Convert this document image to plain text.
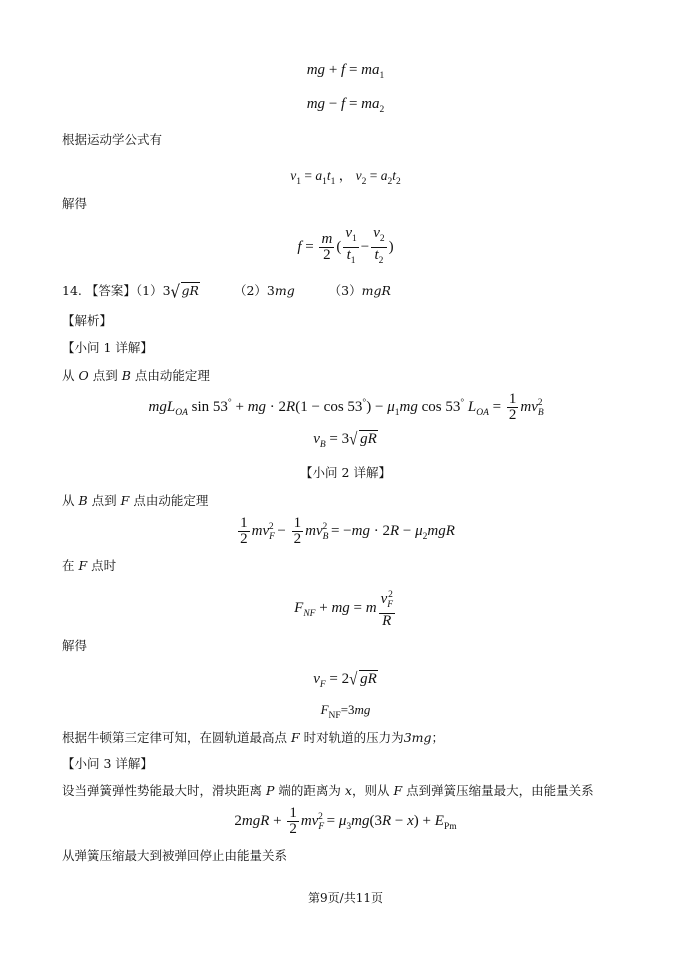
mg + $f = ma_1$
mg − $f = ma_2$
根据运动学公式有
$v_1 = a_1t_1$ ， $v_2 = a_2t_2$
解得
$f = \frac{m}{2}$ ( $\frac{v_1}{t_1} - \frac{v_2}{t_2}$ )
14. 【答案】（1）3 √ gR	（2）3mg	（3）mgR
【解析】
【小问 1 详解】
从 O 点到 B 点由动能定理
mgL$_{OA}$ sin 53° + mg · $2R(1 - \cos 53^\circ) - \mu_1mg$ cos 53° $L_{OA} = \frac{1}{2} mv_B^2$
$v_B = 3$ √ gR
【小问 2 详解】
从 B 点到 F 点由动能定理
$\frac{1}{2} mv_F^2 - \frac{1}{2} mv_B^2 = -mg \cdot 2R - \mu_2mgR$
在 F 点时
$F_{NF}$ + mg = m $\frac{v_F^2}{R}$
解得
$v_F = 2$ √ gR
$F_{NF}=3mg$
根据牛顿第三定律可知，在圆轨道最高点 F 时对轨道的压力为3mg；
【小问 3 详解】
设当弹簧弹性势能最大时，滑块距离 P 端的距离为 x，则从 F 点到弹簧压缩量最大，由能量关系
$2mgR + \frac{1}{2} mv_F^2 = \mu_3mg(3R - x) + E_{Pm}$
从弹簧压缩最大到被弹回停止由能量关系
第9页/共11页
